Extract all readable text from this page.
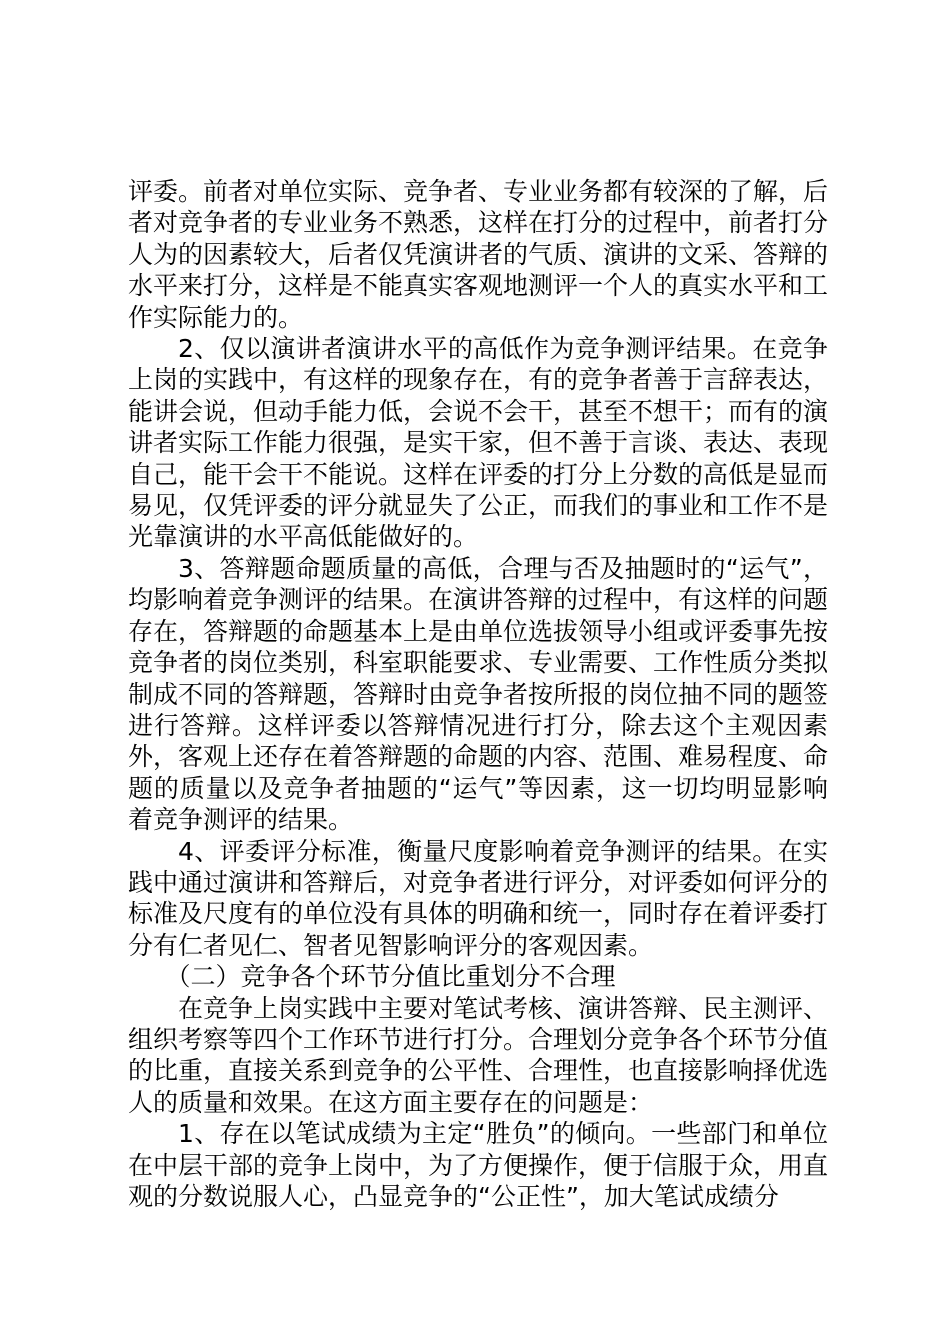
评委。前者对单位实际、竞争者、专业业务都有较深的了解，后者对竞争者的专业业务不熟悉，这样在打分的过程中，前者打分人为的因素较大，后者仅凭演讲者的气质、演讲的文采、答辩的水平来打分，这样是不能真实客观地测评一个人的真实水平和工作实际能力的。

2、仅以演讲者演讲水平的高低作为竞争测评结果。在竞争上岗的实践中，有这样的现象存在，有的竞争者善于言辞表达，能讲会说，但动手能力低，会说不会干，甚至不想干；而有的演讲者实际工作能力很强，是实干家，但不善于言谈、表达、表现自己，能干会干不能说。这样在评委的打分上分数的高低是显而易见，仅凭评委的评分就显失了公正，而我们的事业和工作不是光靠演讲的水平高低能做好的。

3、答辩题命题质量的高低，合理与否及抽题时的“运气”，均影响着竞争测评的结果。在演讲答辩的过程中，有这样的问题存在，答辩题的命题基本上是由单位选拔领导小组或评委事先按竞争者的岗位类别，科室职能要求、专业需要、工作性质分类拟制成不同的答辩题，答辩时由竞争者按所报的岗位抽不同的题签进行答辩。这样评委以答辩情况进行打分，除去这个主观因素外，客观上还存在着答辩题的命题的内容、范围、难易程度、命题的质量以及竞争者抽题的“运气”等因素，这一切均明显影响着竞争测评的结果。

4、评委评分标准，衡量尺度影响着竞争测评的结果。在实践中通过演讲和答辩后，对竞争者进行评分，对评委如何评分的标准及尺度有的单位没有具体的明确和统一，同时存在着评委打分有仁者见仁、智者见智影响评分的客观因素。

（二）竞争各个环节分值比重划分不合理

在竞争上岗实践中主要对笔试考核、演讲答辩、民主测评、组织考察等四个工作环节进行打分。合理划分竞争各个环节分值的比重，直接关系到竞争的公平性、合理性，也直接影响择优选人的质量和效果。在这方面主要存在的问题是：

1、存在以笔试成绩为主定“胜负”的倾向。一些部门和单位在中层干部的竞争上岗中，为了方便操作，便于信服于众，用直观的分数说服人心，凸显竞争的“公正性”，加大笔试成绩分
